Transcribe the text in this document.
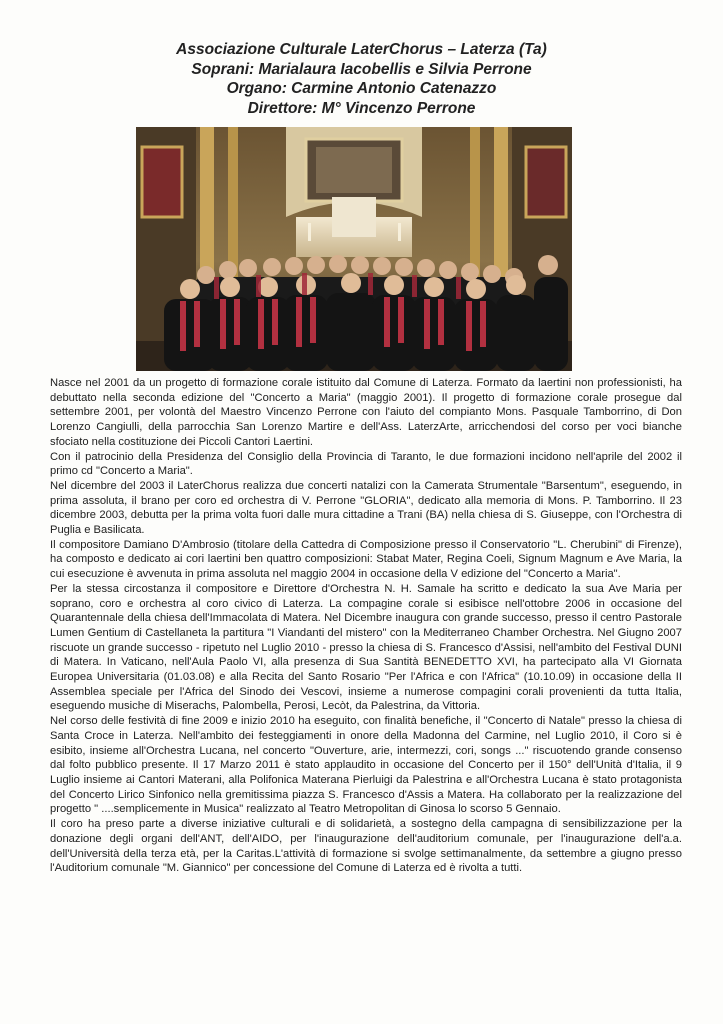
Associazione Culturale LaterChorus – Laterza (Ta)
Soprani: Marialaura Iacobellis e Silvia Perrone
Organo: Carmine Antonio Catenazzo
Direttore: M° Vincenzo Perrone

Nasce nel 2001 da un progetto di formazione corale istituito dal Comune di Laterza. Formato da laertini non professionisti, ha debuttato nella seconda edizione del "Concerto a Maria" (maggio 2001). Il progetto di formazione corale prosegue dal settembre 2001, per volontà del Maestro Vincenzo Perrone con l'aiuto del compianto Mons. Pasquale Tamborrino, di Don Lorenzo Cangiulli, della parrocchia San Lorenzo Martire e dell'Ass. LaterzArte, arricchendosi del corso per voci bianche sfociato nella costituzione dei Piccoli Cantori Laertini.

Con il patrocinio della Presidenza del Consiglio della Provincia di Taranto, le due formazioni incidono nell'aprile del 2002 il primo cd "Concerto a Maria".

Nel dicembre del 2003 il LaterChorus realizza due concerti natalizi con la Camerata Strumentale "Barsentum", eseguendo, in prima assoluta, il brano per coro ed orchestra di V. Perrone "GLORIA", dedicato alla memoria di Mons. P. Tamborrino. Il 23 dicembre 2003, debutta per la prima volta fuori dalle mura cittadine a Trani (BA) nella chiesa di S. Giuseppe, con l'Orchestra di Puglia e Basilicata.

Il compositore Damiano D'Ambrosio (titolare della Cattedra di Composizione presso il Conservatorio "L. Cherubini" di Firenze), ha composto e dedicato ai cori laertini ben quattro composizioni: Stabat Mater, Regina Coeli, Signum Magnum e Ave Maria, la cui esecuzione è avvenuta in prima assoluta nel maggio 2004 in occasione della V edizione del "Concerto a Maria".

Per la stessa circostanza il compositore e Direttore d'Orchestra N. H. Samale ha scritto e dedicato la sua Ave Maria per soprano, coro e orchestra al coro civico di Laterza. La compagine corale si esibisce nell'ottobre 2006 in occasione del Quarantennale della chiesa dell'Immacolata di Matera. Nel Dicembre inaugura con grande successo, presso il centro Pastorale Lumen Gentium di Castellaneta la partitura "I Viandanti del mistero" con la Mediterraneo Chamber Orchestra. Nel Giugno 2007 riscuote un grande successo - ripetuto nel Luglio 2010 - presso la chiesa di S. Francesco d'Assisi, nell'ambito del Festival DUNI di Matera. In Vaticano, nell'Aula Paolo VI, alla presenza di Sua Santità BENEDETTO XVI, ha partecipato alla VI Giornata Europea Universitaria (01.03.08) e alla Recita del Santo Rosario "Per l'Africa e con l'Africa" (10.10.09) in occasione della II Assemblea speciale per l'Africa del Sinodo dei Vescovi, insieme a numerose compagini corali provenienti da tutta Italia, eseguendo musiche di Miserachs, Palombella, Perosi, Lecòt, da Palestrina, da Vittoria.

Nel corso delle festività di fine 2009 e inizio 2010 ha eseguito, con finalità benefiche, il "Concerto di Natale" presso la chiesa di Santa Croce in Laterza. Nell'ambito dei festeggiamenti in onore della Madonna del Carmine, nel Luglio 2010, il Coro si è esibito, insieme all'Orchestra Lucana, nel concerto "Ouverture, arie, intermezzi, cori, songs ..." riscuotendo grande consenso dal folto pubblico presente. Il 17 Marzo 2011 è stato applaudito in occasione del Concerto per il 150° dell'Unità d'Italia, il 9 Luglio insieme ai Cantori Materani, alla Polifonica Materana Pierluigi da Palestrina e all'Orchestra Lucana è stato protagonista del Concerto Lirico Sinfonico nella gremitissima piazza S. Francesco d'Assis a Matera. Ha collaborato per la realizzazione del progetto " ....semplicemente in Musica" realizzato al Teatro Metropolitan di Ginosa lo scorso 5 Gennaio.

Il coro ha preso parte a diverse iniziative culturali e di solidarietà, a sostegno della campagna di sensibilizzazione per la donazione degli organi dell'ANT, dell'AIDO, per l'inaugurazione dell'auditorium comunale, per l'inaugurazione dell'a.a. dell'Università della terza età, per la Caritas.L'attività di formazione si svolge settimanalmente, da settembre a giugno presso l'Auditorium comunale "M. Giannico" per concessione del Comune di Laterza ed è rivolta a tutti.
